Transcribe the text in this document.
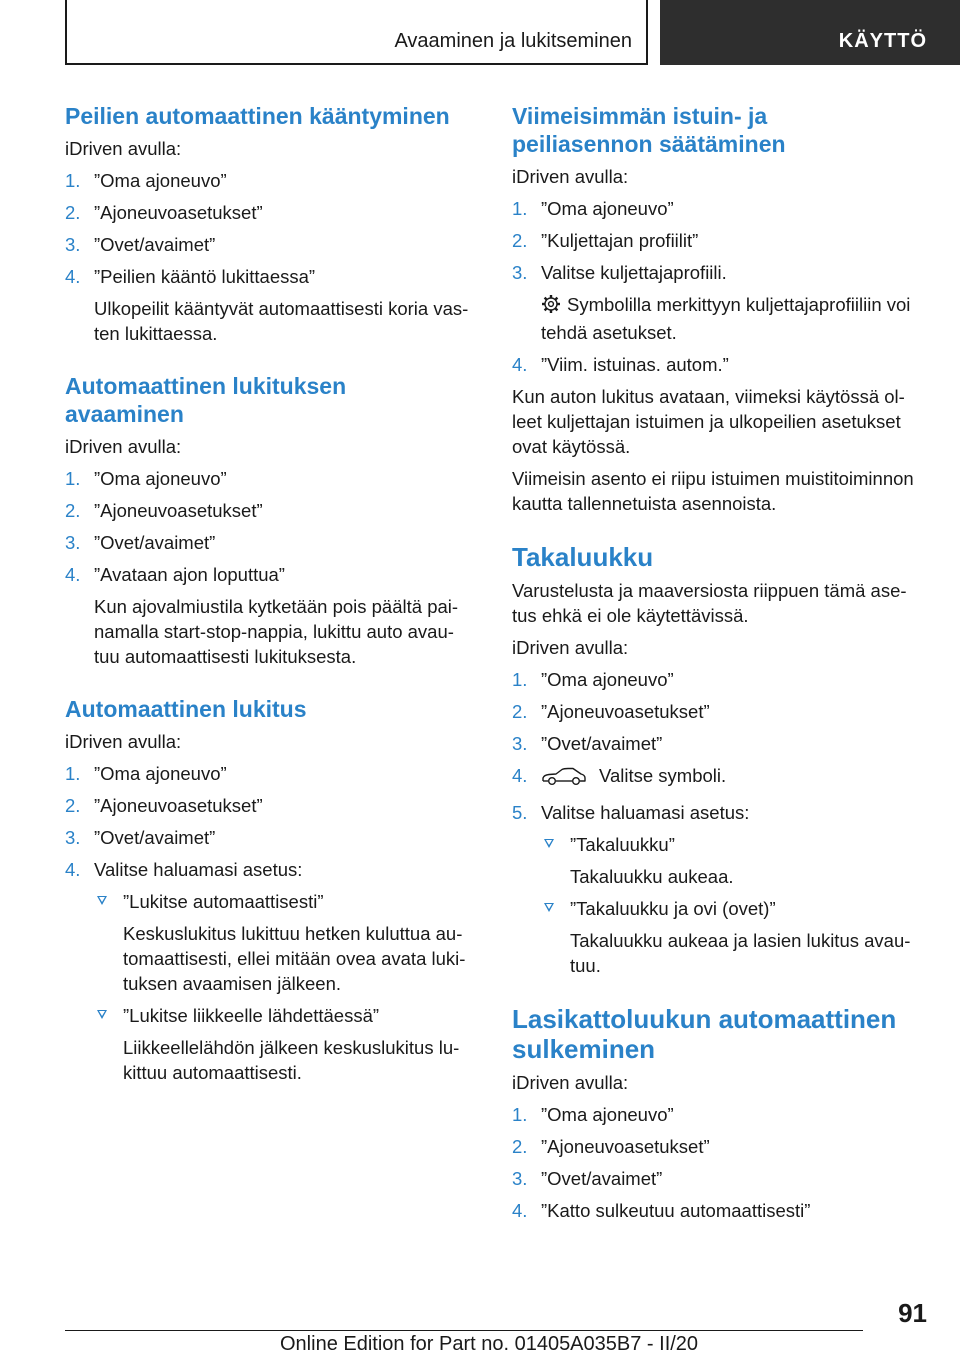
Avaaminen ja lukitseminen	KÄYTTÖ
Peilien automaattinen kääntyminen
iDriven avulla:
1. ”Oma ajoneuvo”
2. ”Ajoneuvoasetukset”
3. ”Ovet/avaimet”
4. ”Peilien kääntö lukittaessa”
Ulkopeilit kääntyvät automaattisesti koria vas-
ten lukittaessa.
Automaattinen lukituksen avaaminen
iDriven avulla:
1. ”Oma ajoneuvo”
2. ”Ajoneuvoasetukset”
3. ”Ovet/avaimet”
4. ”Avataan ajon loputtua”
Kun ajovalmiustila kytketään pois päältä pai-
namalla start-stop-nappia, lukittu auto avau-
tuu automaattisesti lukituksesta.
Automaattinen lukitus
iDriven avulla:
1. ”Oma ajoneuvo”
2. ”Ajoneuvoasetukset”
3. ”Ovet/avaimet”
4. Valitse haluamasi asetus:
”Lukitse automaattisesti”
Keskuslukitus lukittuu hetken kuluttua au-
tomaattisesti, ellei mitään ovea avata luki-
tuksen avaamisen jälkeen.
”Lukitse liikkeelle lähdettäessä”
Liikkeellelähdön jälkeen keskuslukitus lu-
kittuu automaattisesti.
Viimeisimmän istuin- ja peiliasennon säätäminen
iDriven avulla:
1. ”Oma ajoneuvo”
2. ”Kuljettajan profiilit”
3. Valitse kuljettajaprofiili.
Symbolilla merkittyyn kuljettajaprofiiliin voi
tehdä asetukset.
4. ”Viim. istuinas. autom.”
Kun auton lukitus avataan, viimeksi käytössä ol-
leet kuljettajan istuimen ja ulkopeilien asetukset
ovat käytössä.
Viimeisin asento ei riipu istuimen muistitoiminnon
kautta tallennetuista asennoista.
Takaluukku
Varustelusta ja maaversiosta riippuen tämä ase-
tus ehkä ei ole käytettävissä.
iDriven avulla:
1. ”Oma ajoneuvo”
2. ”Ajoneuvoasetukset”
3. ”Ovet/avaimet”
4.	Valitse symboli.
5. Valitse haluamasi asetus:
”Takaluukku”
Takaluukku aukeaa.
”Takaluukku ja ovi (ovet)”
Takaluukku aukeaa ja lasien lukitus avau-
tuu.
Lasikattoluukun automaattinen sulkeminen
iDriven avulla:
1. ”Oma ajoneuvo”
2. ”Ajoneuvoasetukset”
3. ”Ovet/avaimet”
4. ”Katto sulkeutuu automaattisesti”
91
Online Edition for Part no. 01405A035B7 - II/20
